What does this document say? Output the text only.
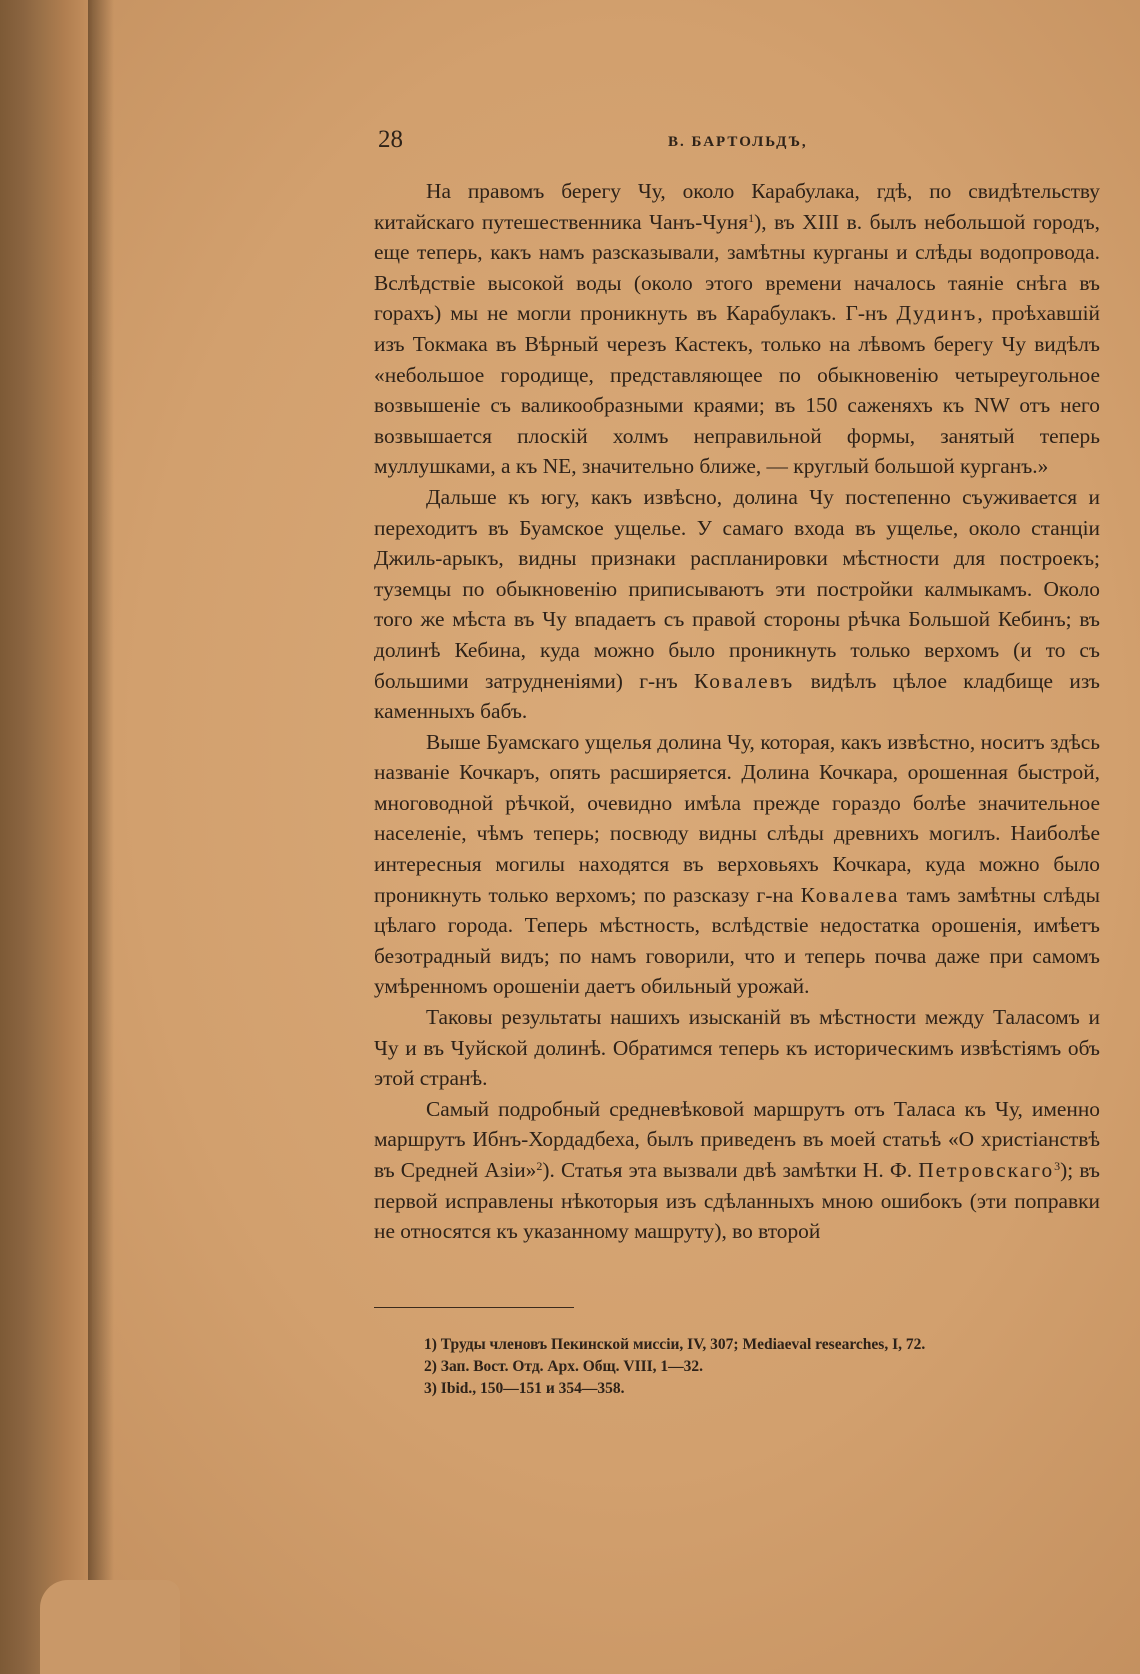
28	В. БАРТОЛЬДЪ,

На правомъ берегу Чу, около Карабулака, гдѣ, по свидѣтельству китайскаго путешественника Чанъ-Чуня$^1$), въ XIII в. былъ небольшой городъ, еще теперь, какъ намъ разсказывали, замѣтны курганы и слѣды водопровода. Вслѣдствіе высокой воды (около этого времени началось таяніе снѣга въ горахъ) мы не могли проникнуть въ Карабулакъ. Г-нъ Дудинъ, проѣхавшій изъ Токмака въ Вѣрный черезъ Кастекъ, только на лѣвомъ берегу Чу видѣлъ «небольшое городище, представляющее по обыкновенію четыреугольное возвышеніе съ валикообразными краями; въ 150 саженяхъ къ NW отъ него возвышается плоскій холмъ неправильной формы, занятый теперь муллушками, а къ NE, значительно ближе, — круглый большой курганъ.»

Дальше къ югу, какъ извѣсно, долина Чу постепенно съуживается и переходитъ въ Буамское ущелье. У самаго входа въ ущелье, около станціи Джиль-арыкъ, видны признаки распланировки мѣстности для построекъ; туземцы по обыкновенію приписываютъ эти постройки калмыкамъ. Около того же мѣста въ Чу впадаетъ съ правой стороны рѣчка Большой Кебинъ; въ долинѣ Кебина, куда можно было проникнуть только верхомъ (и то съ большими затрудненіями) г-нъ Ковалевъ видѣлъ цѣлое кладбище изъ каменныхъ бабъ.

Выше Буамскаго ущелья долина Чу, которая, какъ извѣстно, носитъ здѣсь названіе Кочкаръ, опять расширяется. Долина Кочкара, орошенная быстрой, многоводной рѣчкой, очевидно имѣла прежде гораздо болѣе значительное населеніе, чѣмъ теперь; посвюду видны слѣды древнихъ могилъ. Наиболѣе интересныя могилы находятся въ верховьяхъ Кочкара, куда можно было проникнуть только верхомъ; по разсказу г-на Ковалева тамъ замѣтны слѣды цѣлаго города. Теперь мѣстность, вслѣдствіе недостатка орошенія, имѣетъ безотрадный видъ; по намъ говорили, что и теперь почва даже при самомъ умѣренномъ орошеніи даетъ обильный урожай.

Таковы результаты нашихъ изысканій въ мѣстности между Таласомъ и Чу и въ Чуйской долинѣ. Обратимся теперь къ историческимъ извѣстіямъ объ этой странѣ.

Самый подробный средневѣковой маршрутъ отъ Таласа къ Чу, именно маршрутъ Ибнъ-Хордадбеха, былъ приведенъ въ моей статьѣ «О христіанствѣ въ Средней Азіи»$^2$). Статья эта вызвали двѣ замѣтки Н. Ф. Петровскаго$^3$); въ первой исправлены нѣкоторыя изъ сдѣланныхъ мною ошибокъ (эти поправки не относятся къ указанному машруту), во второй

1) Труды членовъ Пекинской миссіи, IV, 307; Mediaeval researches, I, 72.
2) Зап. Вост. Отд. Арх. Общ. VIII, 1—32.
3) Ibid., 150—151 и 354—358.
